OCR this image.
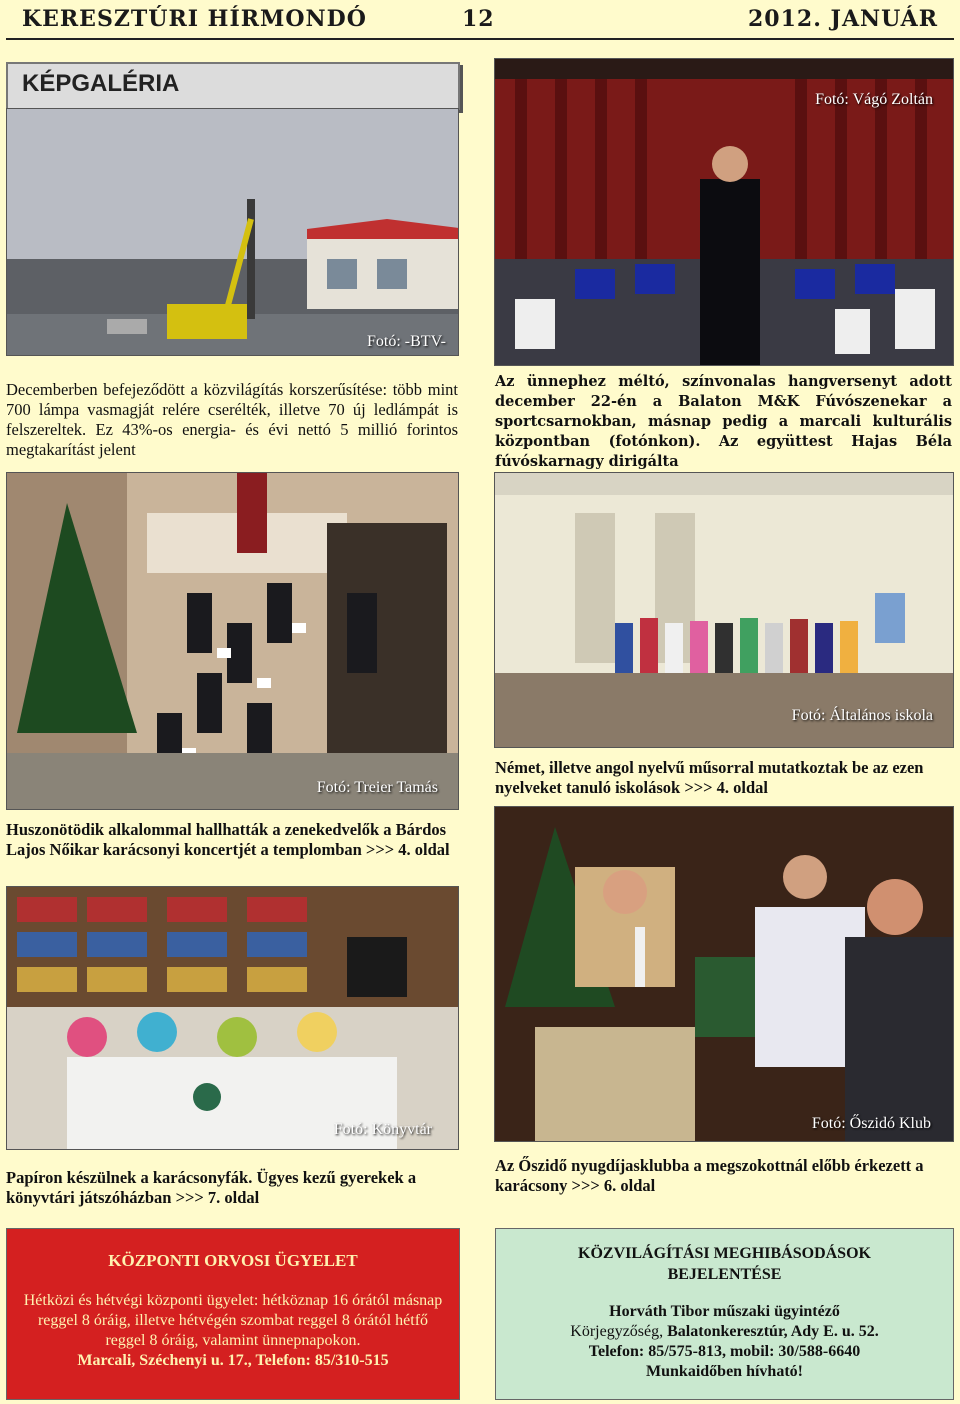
KERESZTÚRI HÍRMONDÓ	12	2012. JANUÁR
KÉPGALÉRIA
Fotó: -BTV-
Fotó: Vágó Zoltán
Decemberben befejeződött a közvilágítás korszerűsítése: több mint 700 lámpa vasmagját relére cserélték, illetve 70 új ledlámpát is felszereltek. Ez 43%-os energia- és évi nettó 5 millió forintos megtakarítást jelent
Az ünnephez méltó, színvonalas hangversenyt adott december 22-én a Balaton M&K Fúvószenekar a sportcsarnokban, másnap pedig a marcali kulturális központban (fotónkon). Az együttest Hajas Béla fúvóskarnagy dirigálta
Fotó: Treier Tamás
Fotó: Általános iskola
Német, illetve angol nyelvű műsorral mutatkoztak be az ezen nyelveket tanuló iskolások >>> 4. oldal
Huszonötödik alkalommal hallhatták a zenekedvelők a Bárdos Lajos Nőikar karácsonyi koncertjét a templomban >>> 4. oldal
Fotó: Könyvtár	Fotó: Őszidó Klub
Papíron készülnek a karácsonyfák. Ügyes kezű gyerekek a könyvtári játszóházban >>> 7. oldal
Az Őszidő nyugdíjasklubba a megszokottnál előbb érkezett a karácsony >>> 6. oldal
KÖZPONTI ORVOSI ÜGYELET
Hétközi és hétvégi központi ügyelet: hétköznap 16 órától másnap reggel 8 óráig, illetve hétvégén szombat reggel 8 órától hétfő reggel 8 óráig, valamint ünnepnapokon.
Marcali, Széchenyi u. 17., Telefon: 85/310-515
KÖZVILÁGÍTÁSI MEGHIBÁSODÁSOK
BEJELENTÉSE
Horváth Tibor műszaki ügyintéző
Körjegyzőség, Balatonkeresztúr, Ady E. u. 52.
Telefon: 85/575-813, mobil: 30/588-6640
Munkaidőben hívható!
